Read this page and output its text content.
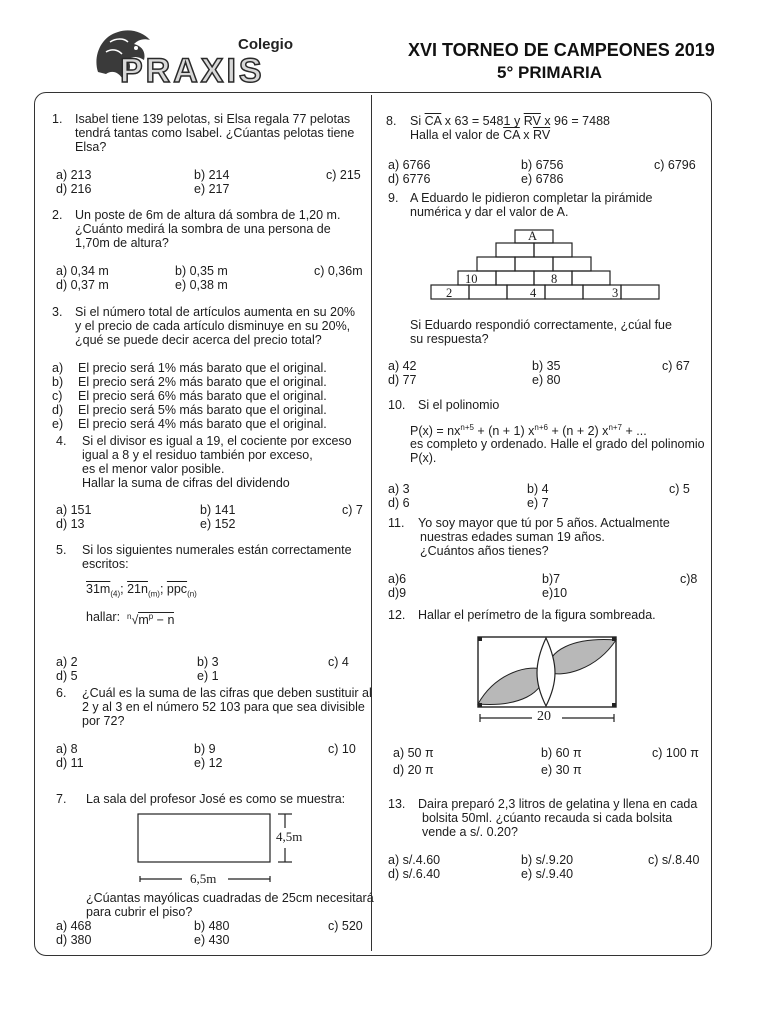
Colegio
PRAXIS
XVI TORNEO DE CAMPEONES 2019
5° PRIMARIA
1. Isabel tiene 139 pelotas, si Elsa regala 77 pelotas
tendrá tantas como Isabel. ¿Cúantas pelotas tiene
Elsa?
a) 213	b) 214	c) 215
d) 216	e) 217
2. Un poste de 6m de altura dá sombra de 1,20 m.
¿Cuánto medirá la sombra de una persona de
1,70m de altura?
a) 0,34 m	b) 0,35 m	c) 0,36m
d) 0,37 m	e) 0,38 m
3. Si el número total de artículos aumenta en su 20%
y el precio de cada artículo disminuye en su 20%,
¿qué se puede decir acerca del precio total?
a) El precio será 1% más barato que el original.
b) El precio será 2% más barato que el original.
c) El precio será 6% más barato que el original.
d) El precio será 5% más barato que el original.
e) El precio será 4% más barato que el original.
4. Si el divisor es igual a 19, el cociente por exceso
igual a 8 y el residuo también por exceso,
es el menor valor posible.
Hallar la suma de cifras del dividendo
a) 151	b) 141	c) 7
d) 13	e) 152
5. Si los siguientes numerales están correctamente
escritos:
$31m_{(4)}$; $21n_{(m)}$; $\overline{ppc}_{(n)}$
hallar: $^n√m^p - n$
a) 2	b) 3	c) 4
d) 5	e) 1
6. ¿Cuál es la suma de las cifras que deben sustituir al
2 y al 3 en el número 52 103 para que sea divisible
por 72?
a) 8	b) 9	c) 10
d) 11	e) 12
7. La sala del profesor José es como se muestra:
4,5m
6,5m
¿Cúantas mayólicas cuadradas de 25cm necesitará
para cubrir el piso?
a) 468	b) 480	c) 520
d) 380	e) 430
8. Si $\overline{CA}$ x 63 = 5481 y $\overline{RV}$ x 96 = 7488
Halla el valor de $\overline{CA}$ x $\overline{RV}$
a) 6766	b) 6756	c) 6796
d) 6776	e) 6786
9. A Eduardo le pidieron completar la pirámide
numérica y dar el valor de A.
A
10	8
2	4	3
Si Eduardo respondió correctamente, ¿cúal fue
su respuesta?
a) 42	b) 35	c) 67
d) 77	e) 80
10. Si el polinomio
$P(x) = nx^{n+5} + (n + 1) x^{n+6} + (n + 2) x^{n+7}$ + ...
es completo y ordenado. Halle el grado del polinomio
P(x).
a) 3	b) 4	c) 5
d) 6	e) 7
11. Yo soy mayor que tú por 5 años. Actualmente
nuestras edades suman 19 años.
¿Cuántos años tienes?
a)6	b)7	c)8
d)9	e)10
12. Hallar el perímetro de la figura sombreada.
20
a) 50 π	b) 60 π	c) 100 π
d) 20 π	e) 30 π
13. Daira preparó 2,3 litros de gelatina y llena en cada
bolsita 50ml. ¿cúanto recauda si cada bolsita
vende a s/. 0.20?
a) s/.4.60	b) s/.9.20	c) s/.8.40
d) s/.6.40	e) s/.9.40
